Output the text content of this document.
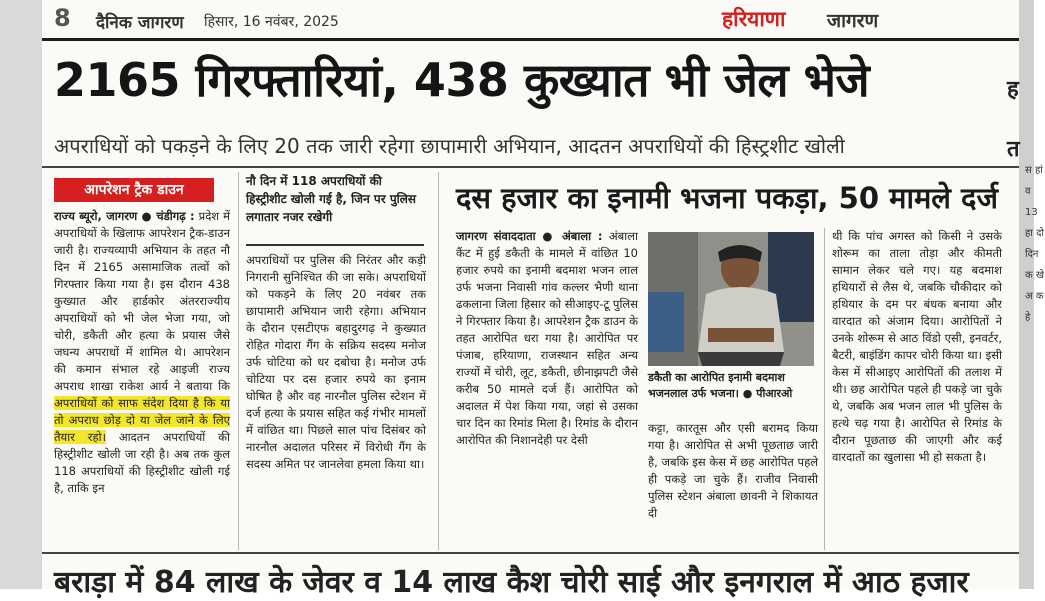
8 दैनिक जागरण हिसार, 16 नवंबर, 2025	हरियाणा जागरण
2165 गिरफ्तारियां, 438 कुख्यात भी जेल भेजे
अपराधियों को पकड़ने के लिए 20 तक जारी रहेगा छापामारी अभियान, आदतन अपराधियों की हिस्ट्रशीट खोली
आपरेशन ट्रैक डाउन

राज्य ब्यूरो, जागरण ● चंडीगढ़ : प्रदेश में अपराधियों के खिलाफ आपरेशन ट्रैक-डाउन जारी है। राज्यव्यापी अभियान के तहत नौ दिन में 2165 असामाजिक तत्वों को गिरफ्तार किया गया है। इस दौरान 438 कुख्यात और हार्डकोर अंतरराज्यीय अपराधियों को भी जेल भेजा गया, जो चोरी, डकैती और हत्या के प्रयास जैसे जघन्य अपराधों में शामिल थे। आपरेशन की कमान संभाल रहे आइजी राज्य अपराध शाखा राकेश आर्य ने बताया कि अपराधियों को साफ संदेश दिया है कि या तो अपराध छोड़ दो या जेल जाने के लिए तैयार रहो। आदतन अपराधियों की हिस्ट्रीशीट खोली जा रही है। अब तक कुल 118 अपराधियों की हिस्ट्रीशीट खोली गई है, ताकि इन

नौ दिन में 118 अपराधियों की हिस्ट्रीशीट खोली गई है, जिन पर पुलिस लगातार नजर रखेगी

अपराधियों पर पुलिस की निरंतर और कड़ी निगरानी सुनिश्चित की जा सके। अपराधियों को पकड़ने के लिए 20 नवंबर तक छापामारी अभियान जारी रहेगा। अभियान के दौरान एसटीएफ बहादुरगढ़ ने कुख्यात रोहित गोदारा गैंग के सक्रिय सदस्य मनोज उर्फ चोटिया को धर दबोचा है। मनोज उर्फ चोटिया पर दस हजार रुपये का इनाम घोषित है और वह नारनौल पुलिस स्टेशन में दर्ज हत्या के प्रयास सहित कई गंभीर मामलों में वांछित था। पिछले साल पांच दिसंबर को नारनौल अदालत परिसर में विरोधी गैंग के सदस्य अमित पर जानलेवा हमला किया था।

दस हजार का इनामी भजना पकड़ा, 50 मामले दर्ज

जागरण संवाददाता ● अंबाला : अंबाला कैंट में हुई डकैती के मामले में वांछित 10 हजार रुपये का इनामी बदमाश भजन लाल उर्फ भजना निवासी गांव कल्लर भैणी थाना ढकलाना जिला हिसार को सीआइए-टू पुलिस ने गिरफ्तार किया है। आपरेशन ट्रैक डाउन के तहत आरोपित धरा गया है। आरोपित पर पंजाब, हरियाणा, राजस्थान सहित अन्य राज्यों में चोरी, लूट, डकैती, छीनाझपटी जैसे करीब 50 मामले दर्ज हैं। आरोपित को अदालत में पेश किया गया, जहां से उसका चार दिन का रिमांड मिला है। रिमांड के दौरान आरोपित की निशानदेही पर देसी

डकैती का आरोपित इनामी बदमाश भजनलाल उर्फ भजना। ● पीआरओ

कट्टा, कारतूस और एसी बरामद किया गया है। आरोपित से अभी पूछताछ जारी है, जबकि इस केस में छह आरोपित पहले ही पकड़े जा चुके हैं। राजीव निवासी पुलिस स्टेशन अंबाला छावनी ने शिकायत दी

थी कि पांच अगस्त को किसी ने उसके शोरूम का ताला तोड़ा और कीमती सामान लेकर चले गए। यह बदमाश हथियारों से लैस थे, जबकि चौकीदार को हथियार के दम पर बंधक बनाया और वारदात को अंजाम दिया। आरोपितों ने उनके शोरूम से आठ विंडो एसी, इनवर्टर, बैटरी, बाइंडिंग कापर चोरी किया था। इसी केस में सीआइए आरोपितों की तलाश में थी। छह आरोपित पहले ही पकड़े जा चुके थे, जबकि अब भजन लाल भी पुलिस के हत्थे चढ़ गया है। आरोपित से रिमांड के दौरान पूछताछ की जाएगी और कई वारदातों का खुलासा भी हो सकता है।

बराड़ा में 84 लाख के जेवर व 14 लाख कैश चोरी साई और इनगराल में आठ हजार
ह त
स हां व 13 हा दो दिन क खे अ क हे
